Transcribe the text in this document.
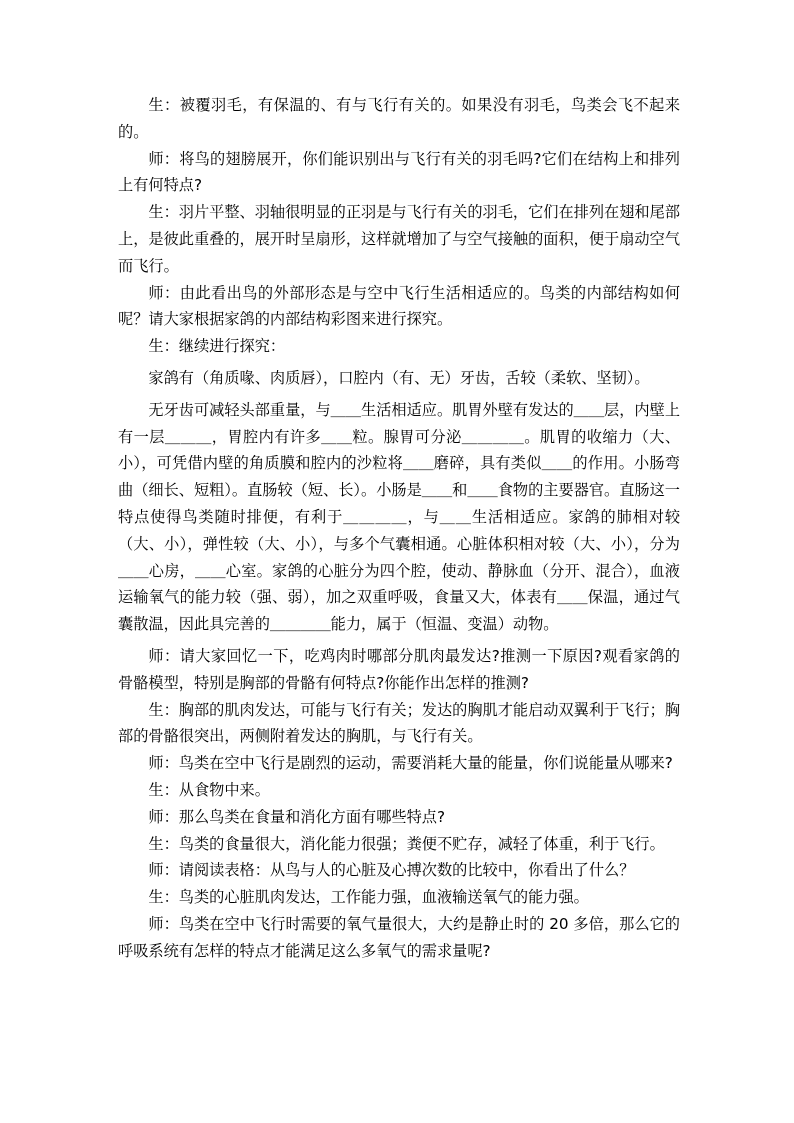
生：被覆羽毛，有保温的、有与飞行有关的。如果没有羽毛，鸟类会飞不起来的。

师：将鸟的翅膀展开，你们能识别出与飞行有关的羽毛吗?它们在结构上和排列上有何特点?

生：羽片平整、羽轴很明显的正羽是与飞行有关的羽毛，它们在排列在翅和尾部上，是彼此重叠的，展开时呈扇形，这样就增加了与空气接触的面积，便于扇动空气而飞行。

师：由此看出鸟的外部形态是与空中飞行生活相适应的。鸟类的内部结构如何呢？请大家根据家鸽的内部结构彩图来进行探究。

生：继续进行探究：

家鸽有（角质喙、肉质唇），口腔内（有、无）牙齿，舌较（柔软、坚韧）。

无牙齿可减轻头部重量，与＿＿生活相适应。肌胃外壁有发达的＿＿层，内壁上有一层＿＿＿，胃腔内有许多＿＿粒。腺胃可分泌＿＿＿＿。肌胃的收缩力（大、小），可凭借内壁的角质膜和腔内的沙粒将＿＿磨碎，具有类似＿＿的作用。小肠弯曲（细长、短粗）。直肠较（短、长）。小肠是＿＿和＿＿食物的主要器官。直肠这一特点使得鸟类随时排便，有利于＿＿＿＿，与＿＿生活相适应。家鸽的肺相对较（大、小），弹性较（大、小），与多个气囊相通。心脏体积相对较（大、小），分为＿＿心房，＿＿心室。家鸽的心脏分为四个腔，使动、静脉血（分开、混合），血液运输氧气的能力较（强、弱），加之双重呼吸，食量又大，体表有＿＿保温，通过气囊散温，因此具完善的＿＿＿＿能力，属于（恒温、变温）动物。

师：请大家回忆一下，吃鸡肉时哪部分肌肉最发达?推测一下原因?观看家鸽的骨骼模型，特别是胸部的骨骼有何特点?你能作出怎样的推测?

生：胸部的肌肉发达，可能与飞行有关；发达的胸肌才能启动双翼利于飞行；胸部的骨骼很突出，两侧附着发达的胸肌，与飞行有关。

师：鸟类在空中飞行是剧烈的运动，需要消耗大量的能量，你们说能量从哪来?

生：从食物中来。

师：那么鸟类在食量和消化方面有哪些特点?

生：鸟类的食量很大，消化能力很强；粪便不贮存，减轻了体重，利于飞行。

师：请阅读表格：从鸟与人的心脏及心搏次数的比较中，你看出了什么？

生：鸟类的心脏肌肉发达，工作能力强，血液输送氧气的能力强。

师：鸟类在空中飞行时需要的氧气量很大，大约是静止时的 20 多倍，那么它的呼吸系统有怎样的特点才能满足这么多氧气的需求量呢?
